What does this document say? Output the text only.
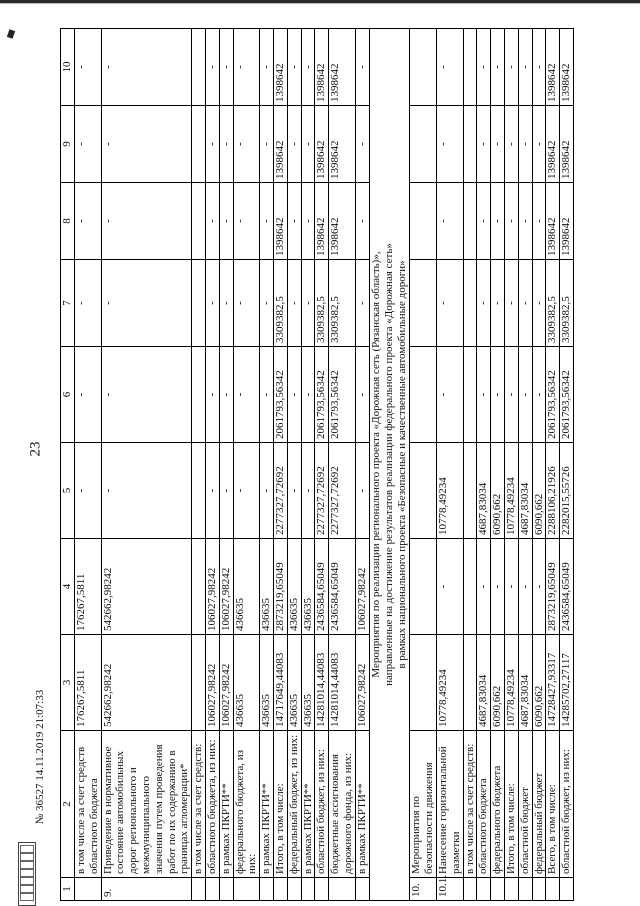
23
№ 36527 14.11.2019 21:07:33
1	2	3	4	5	6	7	8	9	10
	в том числе за счет средств областного бюджета	176267,5811	176267,5811	-	-	-	-	-	-
9.	Приведение в нормативное состояние автомобильных дорог регионального и межмуниципального значения путем проведения работ по их содержанию в границах агломерации*	542662,98242	542662,98242	-	-	-	-	-	-
	в том числе за счет средств:								
	областного бюджета, из них:	106027,98242	106027,98242	-	-	-	-	-	-
	в рамках ПКРТИ**	106027,98242	106027,98242	-	-	-	-	-	-
	федерального бюджета, из них:	436635	436635	-	-	-	-	-	-
	в рамках ПКРТИ**	436635	436635	-	-	-	-	-	-
	Итого, в том числе:	14717649,44083	2873219,65049	2277327,72692	2061793,56342	3309382,5	1398642	1398642	1398642
	федеральный бюджет, из них:	436635	436635	-	-	-	-	-	-
	в рамках ПКРТИ**	436635	436635	-	-	-	-	-	-
	областной бюджет, из них:	14281014,44083	2436584,65049	2277327,72692	2061793,56342	3309382,5	1398642	1398642	1398642
	бюджетные ассигнования дорожного фонда, из них:	14281014,44083	2436584,65049	2277327,72692	2061793,56342	3309382,5	1398642	1398642	1398642
	в рамках ПКРТИ**	106027,98242	106027,98242	-	-	-	-	-	-

Мероприятия по реализации регионального проекта «Дорожная сеть (Рязанская область)», направленные на достижение результатов реализации федерального проекта «Дорожная сеть» в рамках национального проекта «Безопасные и качественные автомобильные дороги»									

10.	Мероприятия по безопасности движения								
10.1.	Нанесение горизонтальной разметки	10778,49234	-	10778,49234	-	-	-	-	-
	в том числе за счет средств:								
	областного бюджета	4687,83034	-	4687,83034	-	-	-	-	-
	федерального бюджета	6090,662	-	6090,662	-	-	-	-	-
	Итого, в том числе:	10778,49234	-	10778,49234	-	-	-	-	-
	областной бюджет	4687,83034	-	4687,83034	-	-	-	-	-
	федеральный бюджет	6090,662	-	6090,662	-	-	-	-	-
	Всего, в том числе:	14728427,93317	2873219,65049	2288106,21926	2061793,56342	3309382,5	1398642	1398642	1398642
	областной бюджет, из них:	14285702,27117	2436584,65049	2282015,55726	2061793,56342	3309382,5	1398642	1398642	1398642
